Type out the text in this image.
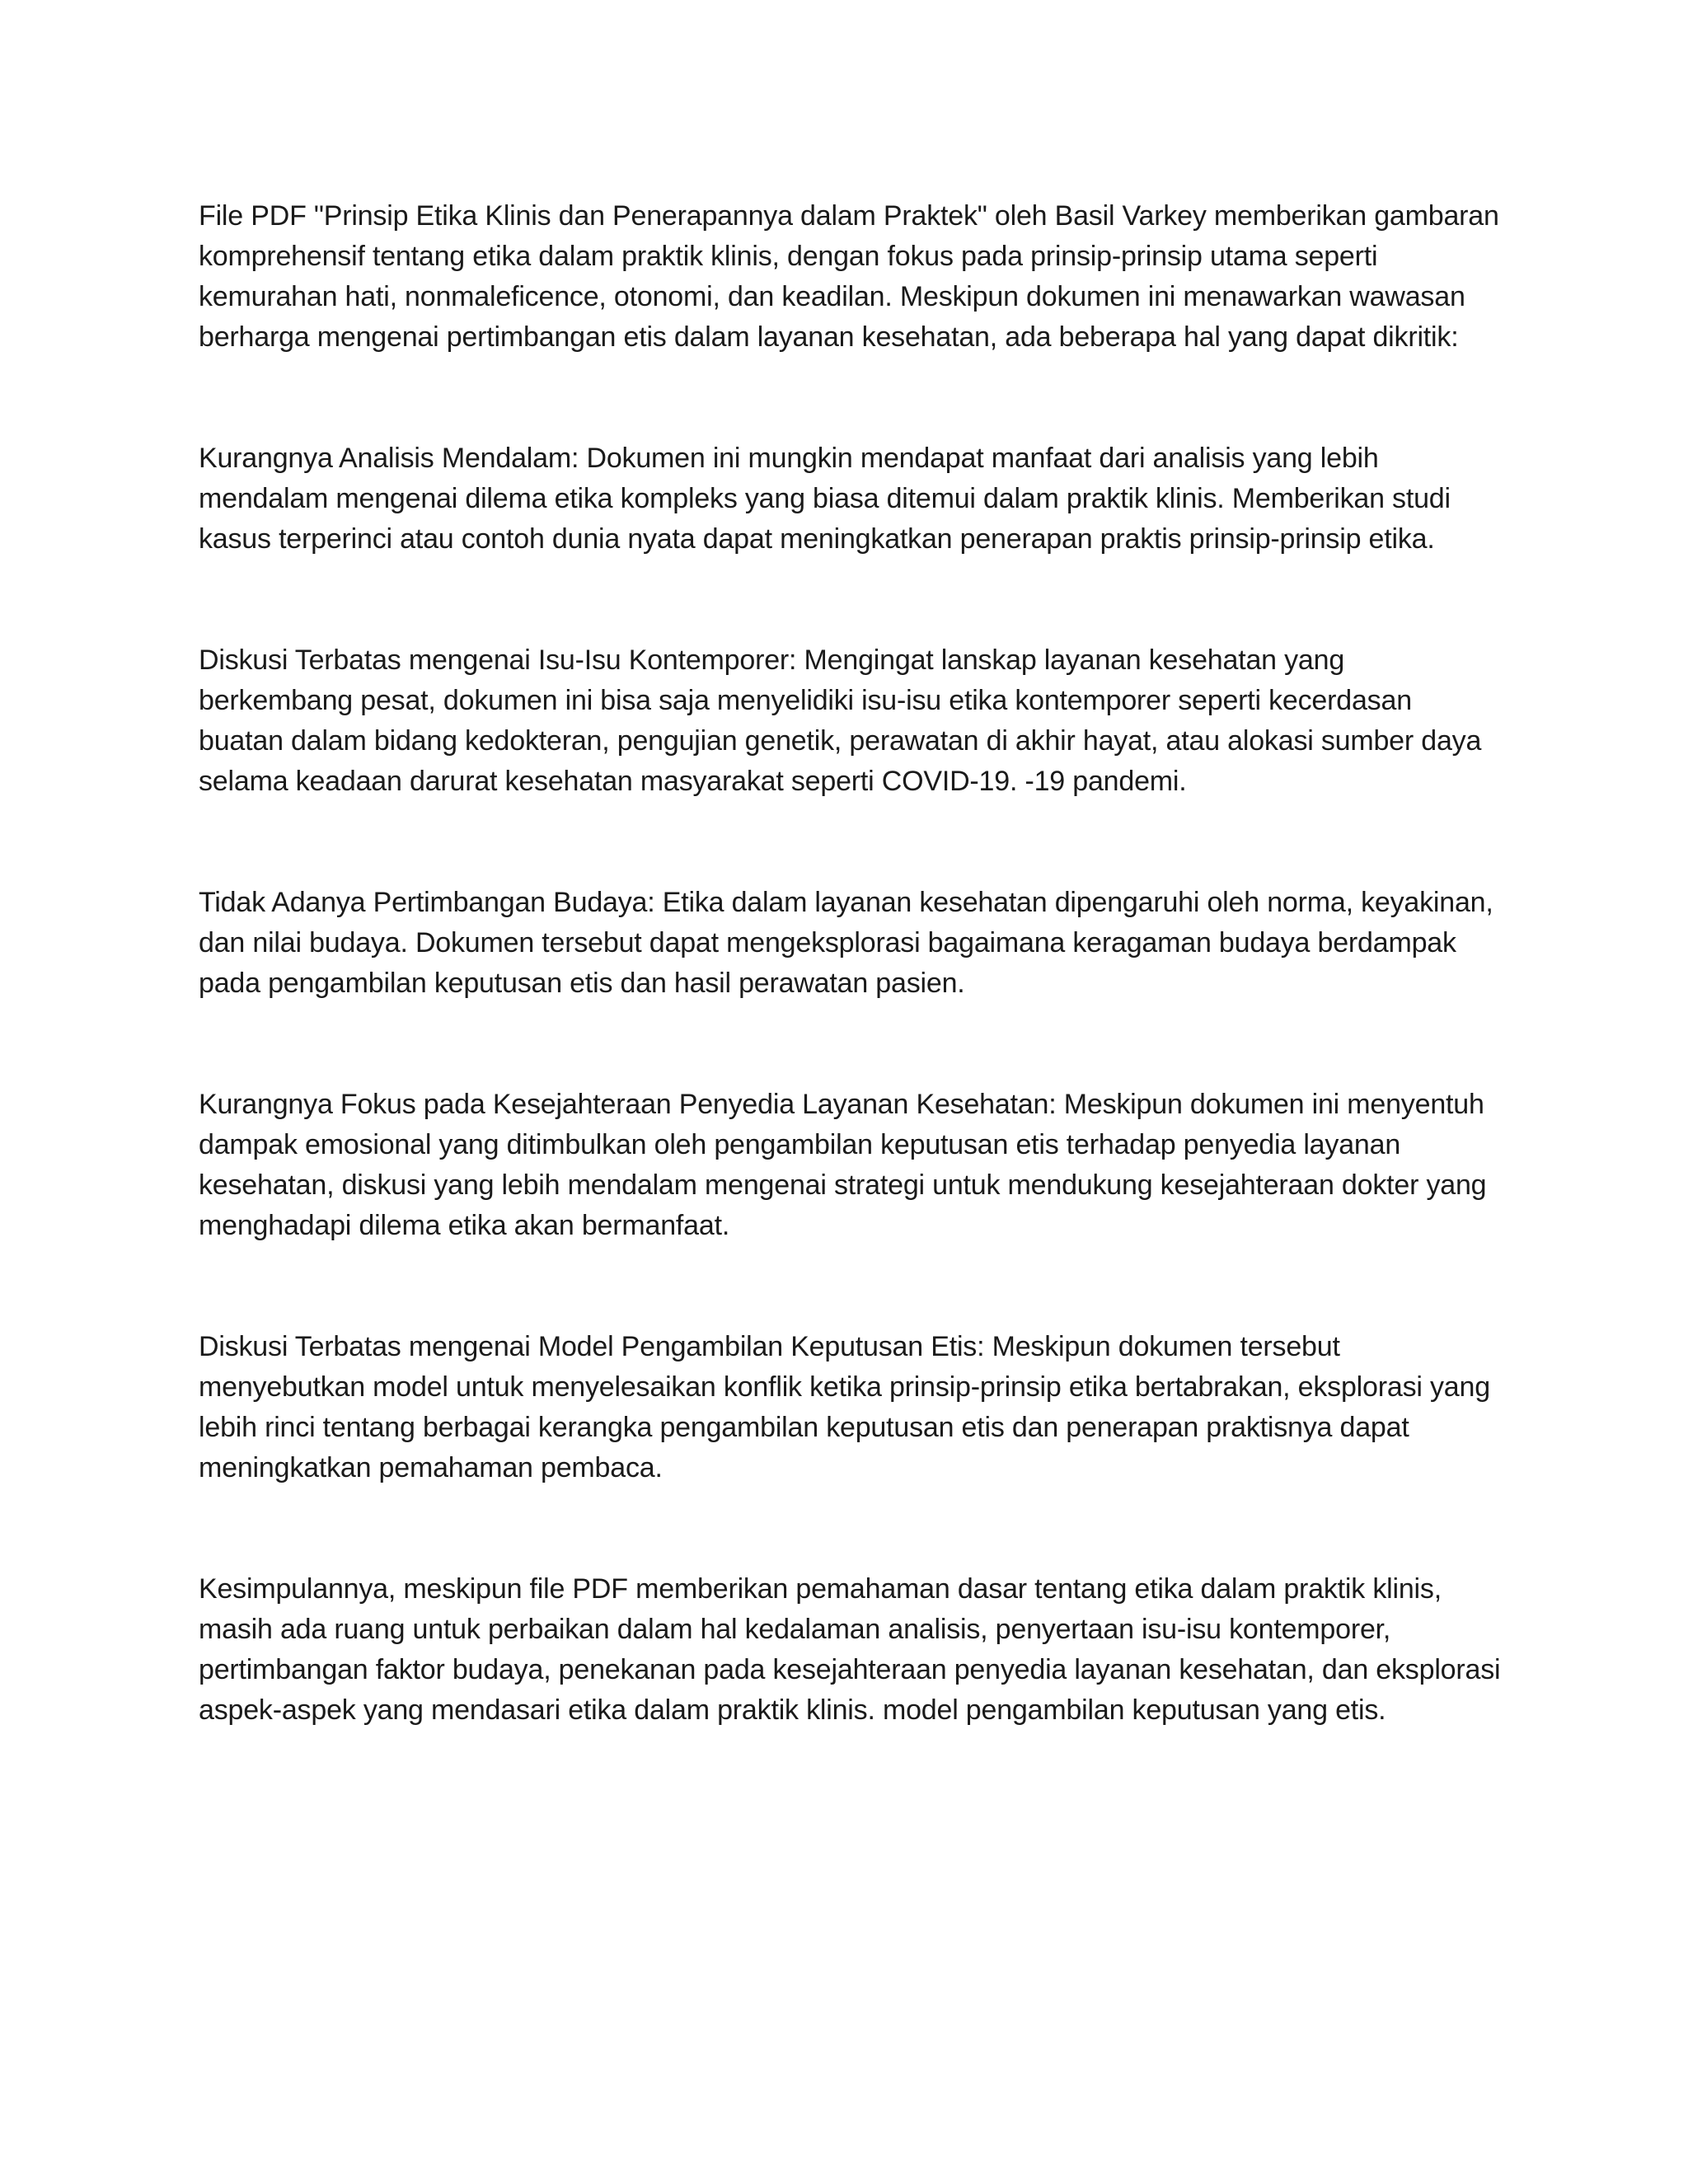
File PDF "Prinsip Etika Klinis dan Penerapannya dalam Praktek" oleh Basil Varkey memberikan gambaran komprehensif tentang etika dalam praktik klinis, dengan fokus pada prinsip-prinsip utama seperti kemurahan hati, nonmaleficence, otonomi, dan keadilan. Meskipun dokumen ini menawarkan wawasan berharga mengenai pertimbangan etis dalam layanan kesehatan, ada beberapa hal yang dapat dikritik:

Kurangnya Analisis Mendalam: Dokumen ini mungkin mendapat manfaat dari analisis yang lebih mendalam mengenai dilema etika kompleks yang biasa ditemui dalam praktik klinis. Memberikan studi kasus terperinci atau contoh dunia nyata dapat meningkatkan penerapan praktis prinsip-prinsip etika.

Diskusi Terbatas mengenai Isu-Isu Kontemporer: Mengingat lanskap layanan kesehatan yang berkembang pesat, dokumen ini bisa saja menyelidiki isu-isu etika kontemporer seperti kecerdasan buatan dalam bidang kedokteran, pengujian genetik, perawatan di akhir hayat, atau alokasi sumber daya selama keadaan darurat kesehatan masyarakat seperti COVID-19. -19 pandemi.

Tidak Adanya Pertimbangan Budaya: Etika dalam layanan kesehatan dipengaruhi oleh norma, keyakinan, dan nilai budaya. Dokumen tersebut dapat mengeksplorasi bagaimana keragaman budaya berdampak pada pengambilan keputusan etis dan hasil perawatan pasien.

Kurangnya Fokus pada Kesejahteraan Penyedia Layanan Kesehatan: Meskipun dokumen ini menyentuh dampak emosional yang ditimbulkan oleh pengambilan keputusan etis terhadap penyedia layanan kesehatan, diskusi yang lebih mendalam mengenai strategi untuk mendukung kesejahteraan dokter yang menghadapi dilema etika akan bermanfaat.

Diskusi Terbatas mengenai Model Pengambilan Keputusan Etis: Meskipun dokumen tersebut menyebutkan model untuk menyelesaikan konflik ketika prinsip-prinsip etika bertabrakan, eksplorasi yang lebih rinci tentang berbagai kerangka pengambilan keputusan etis dan penerapan praktisnya dapat meningkatkan pemahaman pembaca.

Kesimpulannya, meskipun file PDF memberikan pemahaman dasar tentang etika dalam praktik klinis, masih ada ruang untuk perbaikan dalam hal kedalaman analisis, penyertaan isu-isu kontemporer, pertimbangan faktor budaya, penekanan pada kesejahteraan penyedia layanan kesehatan, dan eksplorasi aspek-aspek yang mendasari etika dalam praktik klinis. model pengambilan keputusan yang etis.
